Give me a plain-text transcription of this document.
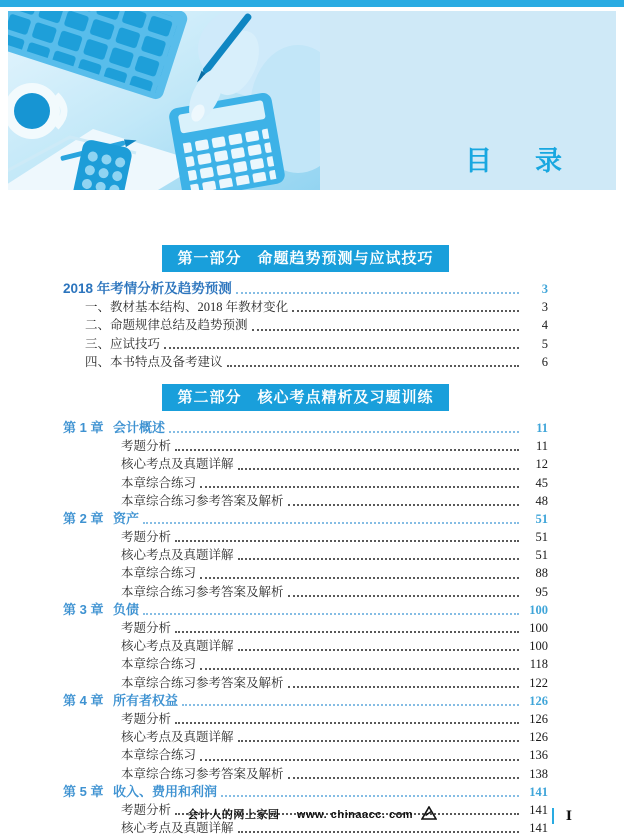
目　录
第一部分　命题趋势预测与应试技巧
2018 年考情分析及趋势预测	3
一、教材基本结构、2018 年教材变化	3
二、命题规律总结及趋势预测	4
三、应试技巧	5
四、本书特点及备考建议	6
第二部分　核心考点精析及习题训练
第 1 章 会计概述	11
考题分析	11
核心考点及真题详解	12
本章综合练习	45
本章综合练习参考答案及解析	48
第 2 章 资产	51
考题分析	51
核心考点及真题详解	51
本章综合练习	88
本章综合练习参考答案及解析	95
第 3 章 负债	100
考题分析	100
核心考点及真题详解	100
本章综合练习	118
本章综合练习参考答案及解析	122
第 4 章 所有者权益	126
考题分析	126
核心考点及真题详解	126
本章综合练习	136
本章综合练习参考答案及解析	138
第 5 章 收入、费用和利润	141
考题分析	141
核心考点及真题详解	141
会计人的网上家园 www. chinaacc. com	Ⅰ
